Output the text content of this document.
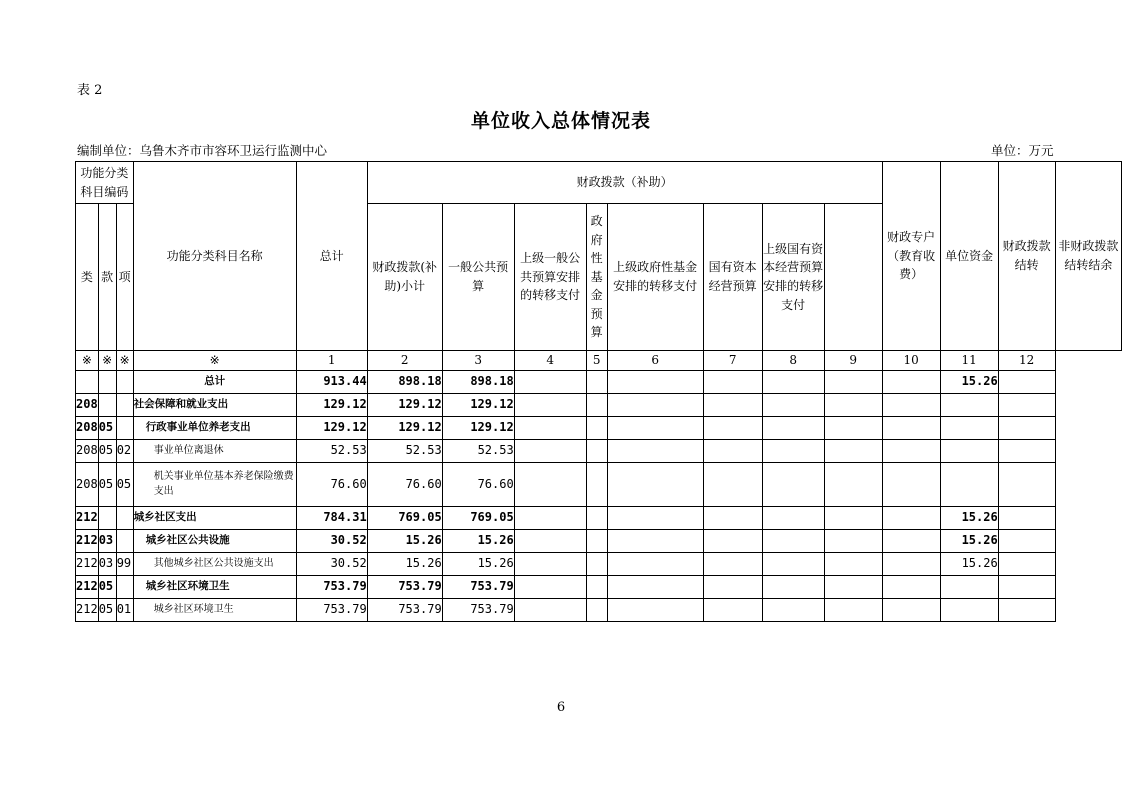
表 2
单位收入总体情况表
编制单位：乌鲁木齐市市容环卫运行监测中心	单位：万元
功能分类科目编码			功能分类科目名称	总计	财政拨款（补助）								财政专户（教育收费）	单位资金	财政拨款结转	非财政拨款结转结余
类	款	项			财政拨款(补助)小计	一般公共预算	上级一般公共预算安排的转移支付	政府性基金预算	上级政府性基金安排的转移支付	国有资本经营预算	上级国有资本经营预算安排的转移支付					
※	※	※	※	1	2	3	4	5	6	7	8	9	10	11	12	
			总计	913.44	898.18	898.18								15.26		
208			社会保障和就业支出	129.12	129.12	129.12										
208	05		行政事业单位养老支出	129.12	129.12	129.12										
208	05	02	事业单位离退休	52.53	52.53	52.53										
208	05	05	机关事业单位基本养老保险缴费支出	76.60	76.60	76.60										
212			城乡社区支出	784.31	769.05	769.05								15.26		
212	03		城乡社区公共设施	30.52	15.26	15.26								15.26		
212	03	99	其他城乡社区公共设施支出	30.52	15.26	15.26								15.26		
212	05		城乡社区环境卫生	753.79	753.79	753.79										
212	05	01	城乡社区环境卫生	753.79	753.79	753.79										
6
